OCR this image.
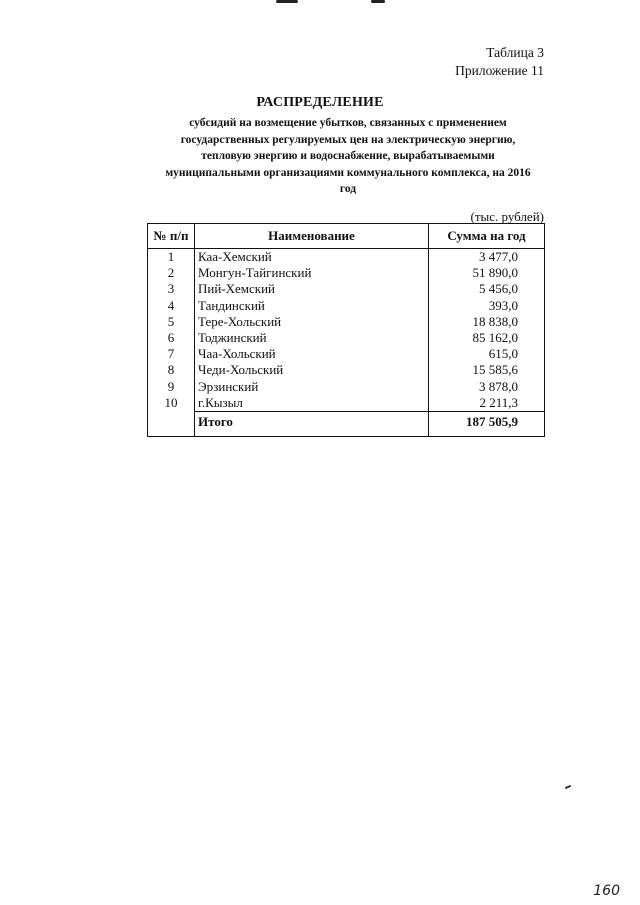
Таблица 3
Приложение 11
РАСПРЕДЕЛЕНИЕ
субсидий на возмещение убытков, связанных с применением
государственных регулируемых цен на электрическую энергию,
тепловую энергию и водоснабжение, вырабатываемыми
муниципальными организациями коммунального комплекса, на 2016
год
(тыс. рублей)
№ п/п	Наименование	Сумма на год
1	Каа-Хемский	3 477,0
2	Монгун-Тайгинский	51 890,0
3	Пий-Хемский	5 456,0
4	Тандинский	393,0
5	Тере-Хольский	18 838,0
6	Тоджинский	85 162,0
7	Чаа-Хольский	615,0
8	Чеди-Хольский	15 585,6
9	Эрзинский	3 878,0
10	г.Кызыл	2 211,3
	Итого	187 505,9
160
